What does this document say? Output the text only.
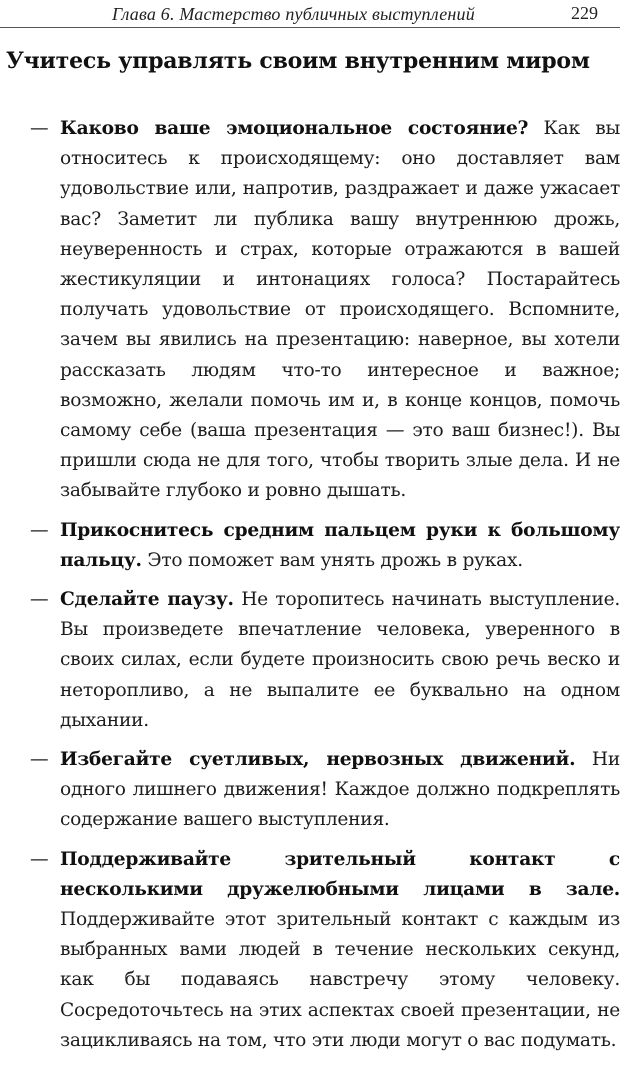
Глава 6. Мастерство публичных выступлений	229
Учитесь управлять своим внутренним миром
— Каково ваше эмоциональное состояние? Как вы относитесь к происходящему: оно доставляет вам удовольствие или, напротив, раздражает и даже ужасает вас? Заметит ли публика вашу внутреннюю дрожь, неуверенность и страх, которые отражаются в вашей жестикуляции и интонациях голоса? Постарайтесь получать удовольствие от происходящего. Вспомните, зачем вы явились на презентацию: наверное, вы хотели рассказать людям что-то интересное и важное; возможно, желали помочь им и, в конце концов, помочь самому себе (ваша презентация — это ваш бизнес!). Вы пришли сюда не для того, чтобы творить злые дела. И не забывайте глубоко и ровно дышать.
— Прикоснитесь средним пальцем руки к большому пальцу. Это поможет вам унять дрожь в руках.
— Сделайте паузу. Не торопитесь начинать выступление. Вы произведете впечатление человека, уверенного в своих силах, если будете произносить свою речь веско и неторопливо, а не выпалите ее буквально на одном дыхании.
— Избегайте суетливых, нервозных движений. Ни одного лишнего движения! Каждое должно подкреплять содержание вашего выступления.
— Поддерживайте зрительный контакт с несколькими дружелюбными лицами в зале. Поддерживайте этот зрительный контакт с каждым из выбранных вами людей в течение нескольких секунд, как бы подаваясь навстречу этому человеку. Сосредоточьтесь на этих аспектах своей презентации, не зацикливаясь на том, что эти люди могут о вас подумать.
